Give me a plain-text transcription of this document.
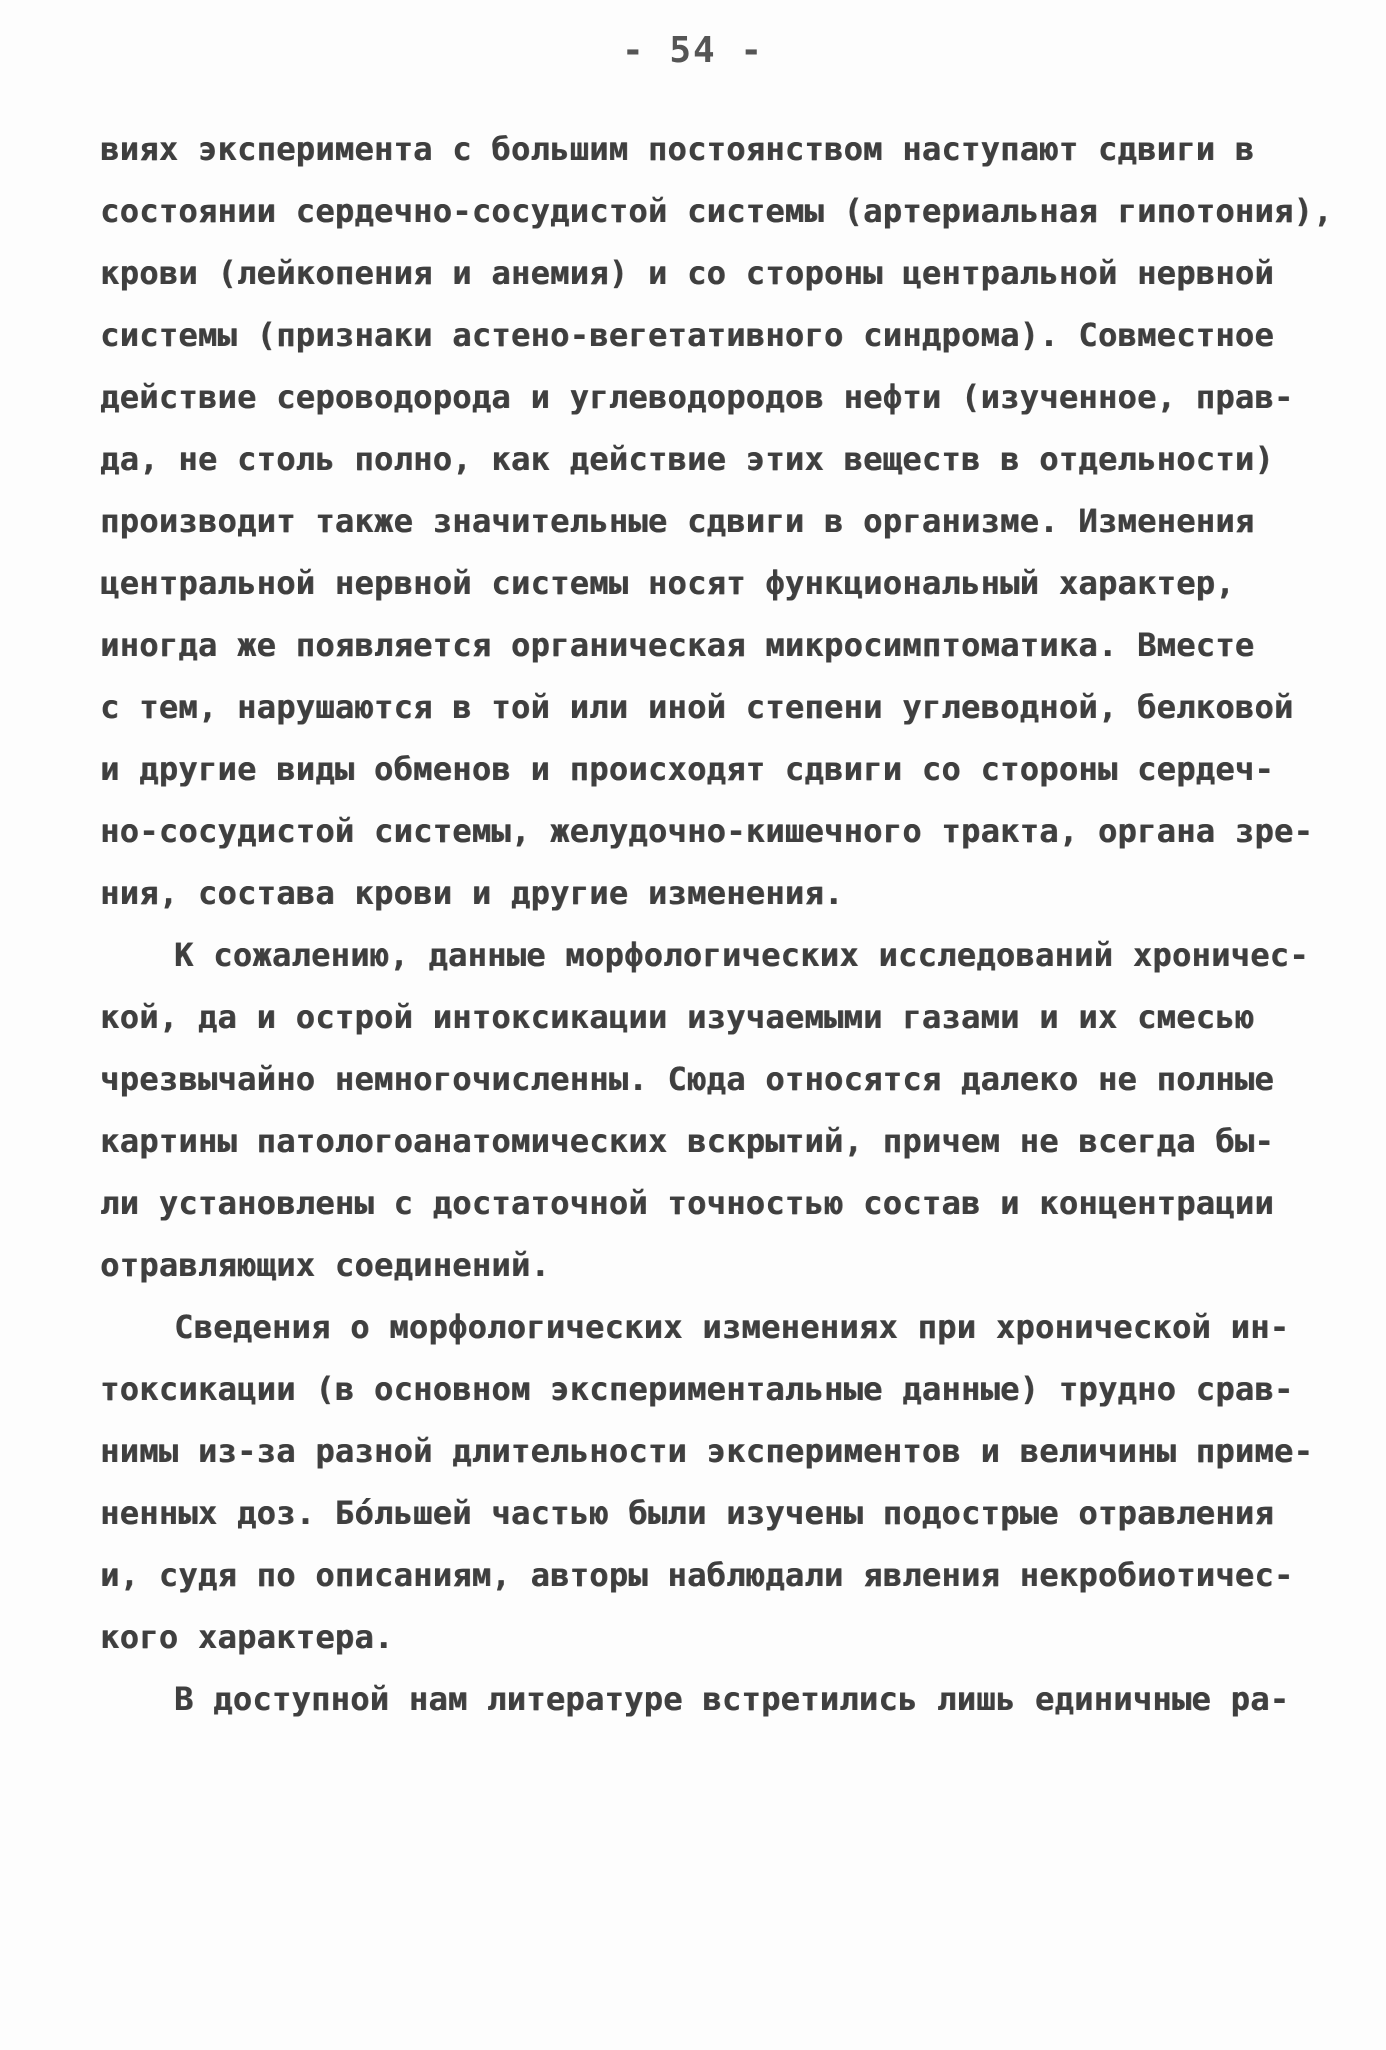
- 54 -
виях эксперимента с большим постоянством наступают сдвиги в
состоянии сердечно-сосудистой системы (артериальная гипотония),
крови (лейкопения и анемия) и со стороны центральной нервной
системы (признаки астено-вегетативного синдрома). Совместное
действие сероводорода и углеводородов нефти (изученное, прав-
да, не столь полно, как действие этих веществ в отдельности)
производит также значительные сдвиги в организме. Изменения
центральной нервной системы носят функциональный характер,
иногда же появляется органическая микросимптоматика. Вместе
с тем, нарушаются в той или иной степени углеводной, белковой
и другие виды обменов и происходят сдвиги со стороны сердеч-
но-сосудистой системы, желудочно-кишечного тракта, органа зре-
ния, состава крови и другие изменения.
К сожалению, данные морфологических исследований хроничес-
кой, да и острой интоксикации изучаемыми газами и их смесью
чрезвычайно немногочисленны. Сюда относятся далеко не полные
картины патологоанатомических вскрытий, причем не всегда бы-
ли установлены с достаточной точностью состав и концентрации
отравляющих соединений.
Сведения о морфологических изменениях при хронической ин-
токсикации (в основном экспериментальные данные) трудно срав-
нимы из-за разной длительности экспериментов и величины приме-
ненных доз. Бо́льшей частью были изучены подострые отравления
и, судя по описаниям, авторы наблюдали явления некробиотичес-
кого характера.
В доступной нам литературе встретились лишь единичные ра-
